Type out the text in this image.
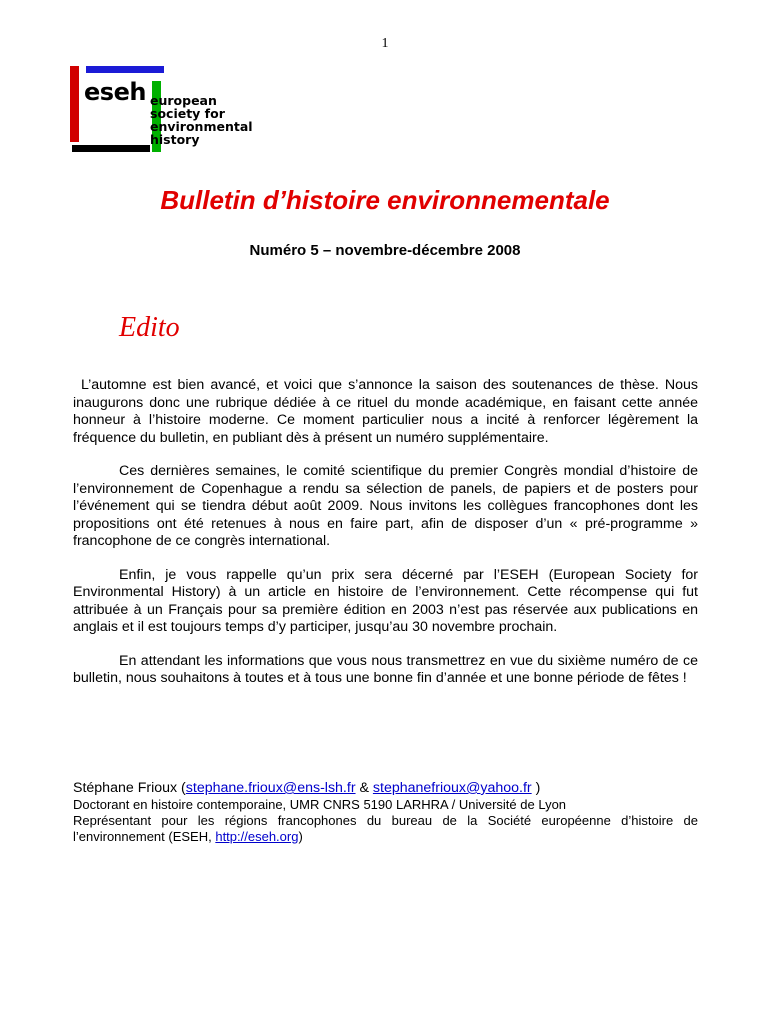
1
eseh european
society for
environmental
history
Bulletin d’histoire environnementale
Numéro 5 – novembre-décembre 2008
Edito

L’automne est bien avancé, et voici que s’annonce la saison des soutenances de thèse. Nous inaugurons donc une rubrique dédiée à ce rituel du monde académique, en faisant cette année honneur à l’histoire moderne. Ce moment particulier nous a incité à renforcer légèrement la fréquence du bulletin, en publiant dès à présent un numéro supplémentaire.

Ces dernières semaines, le comité scientifique du premier Congrès mondial d’histoire de l’environnement de Copenhague a rendu sa sélection de panels, de papiers et de posters pour l’événement qui se tiendra début août 2009. Nous invitons les collègues francophones dont les propositions ont été retenues à nous en faire part, afin de disposer d’un « pré-programme » francophone de ce congrès international.

Enfin, je vous rappelle qu’un prix sera décerné par l’ESEH (European Society for Environmental History) à un article en histoire de l’environnement. Cette récompense qui fut attribuée à un Français pour sa première édition en 2003 n’est pas réservée aux publications en anglais et il est toujours temps d’y participer, jusqu’au 30 novembre prochain.

En attendant les informations que vous nous transmettrez en vue du sixième numéro de ce bulletin, nous souhaitons à toutes et à tous une bonne fin d’année et une bonne période de fêtes !

Stéphane Frioux (stephane.frioux@ens-lsh.fr & stephanefrioux@yahoo.fr )
Doctorant en histoire contemporaine, UMR CNRS 5190 LARHRA / Université de Lyon
Représentant pour les régions francophones du bureau de la Société européenne d’histoire de l’environnement (ESEH, http://eseh.org)
